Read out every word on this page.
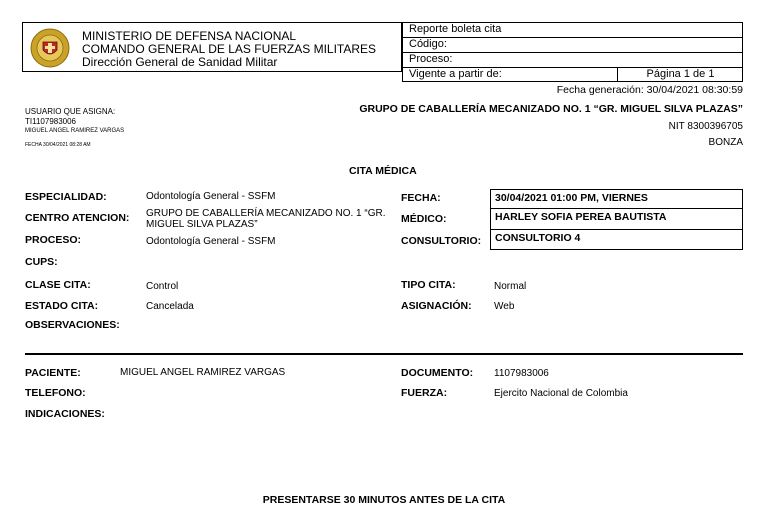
MINISTERIO DE DEFENSA NACIONAL
COMANDO GENERAL DE LAS FUERZAS MILITARES
Dirección General de Sanidad Militar
Reporte boleta cita
Código:
Proceso:
Vigente a partir de:	Página 1 de 1
Fecha generación: 30/04/2021 08:30:59
USUARIO QUE ASIGNA:
TI1107983006
MIGUEL ANGEL RAMIREZ VARGAS
FECHA 30/04/2021 08:28 AM
GRUPO DE CABALLERÍA MECANIZADO NO. 1 “GR. MIGUEL SILVA PLAZAS”
NIT 8300396705
BONZA
CITA MÉDICA
ESPECIALIDAD:	Odontología General - SSFM
CENTRO ATENCION: GRUPO DE CABALLERÍA MECANIZADO NO. 1 “GR.
MIGUEL SILVA PLAZAS”
PROCESO:	Odontología General - SSFM
CUPS:
CLASE CITA:	Control
ESTADO CITA:	Cancelada
OBSERVACIONES:
FECHA:	30/04/2021 01:00 PM, VIERNES
MÉDICO:	HARLEY SOFIA PEREA BAUTISTA
CONSULTORIO:	CONSULTORIO 4
TIPO CITA:	Normal
ASIGNACIÓN: Web
PACIENTE:	MIGUEL ANGEL RAMIREZ VARGAS
TELEFONO:
INDICACIONES:
DOCUMENTO: 1107983006
FUERZA:	Ejercito Nacional de Colombia
PRESENTARSE 30 MINUTOS ANTES DE LA CITA
